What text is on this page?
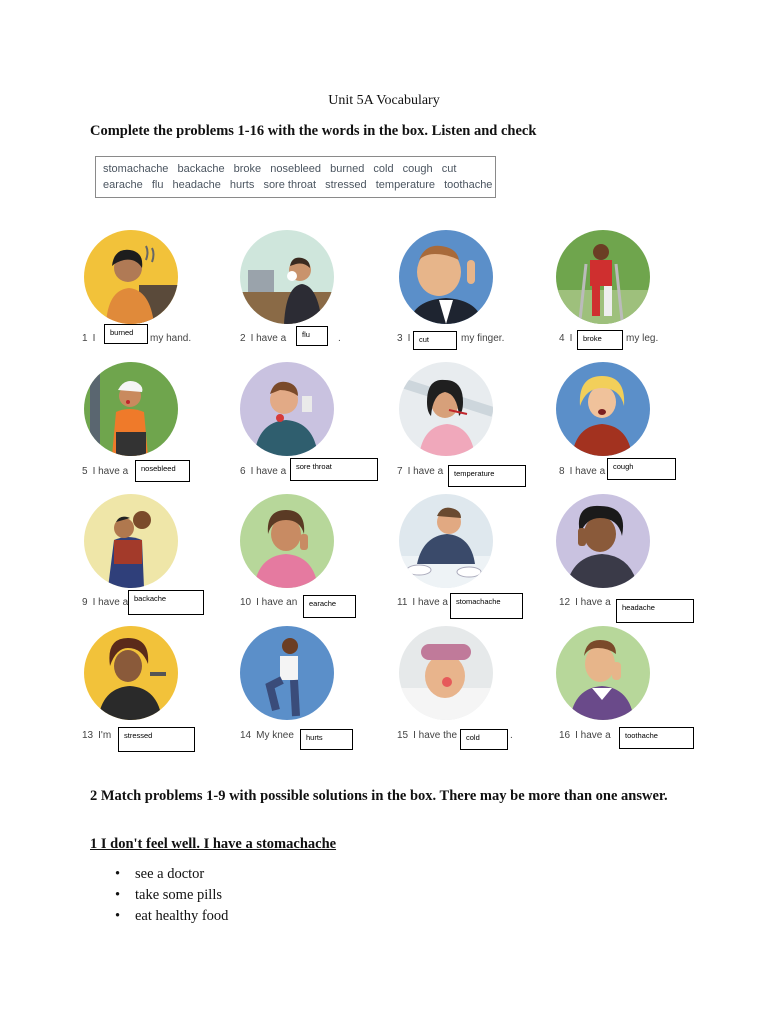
Unit 5A Vocabulary
Complete the problems 1-16 with the words in the box. Listen and check
stomachache backache broke nosebleed burned cold cough cut
earache flu headache hurts sore throat stressed temperature toothache
1 I
burned
my hand.	2 I have a	flu	.	3 I	cut	my finger.	4 I	broke	my leg.
5 I have a	nosebleed	6 I have a	sore throat	7 I have a	temperature	8 I have a	cough
9 I have a backache	10 I have an	earache	11 I have a	stomachache	12 I have a	headache
13 I'm	stressed	14 My knee	hurts	15 I have the	cold	.	16 I have a	toothache
2 Match problems 1-9 with possible solutions in the box. There may be more than one answer.
1 I don't feel well. I have a stomachache
• see a doctor
• take some pills
• eat healthy food
